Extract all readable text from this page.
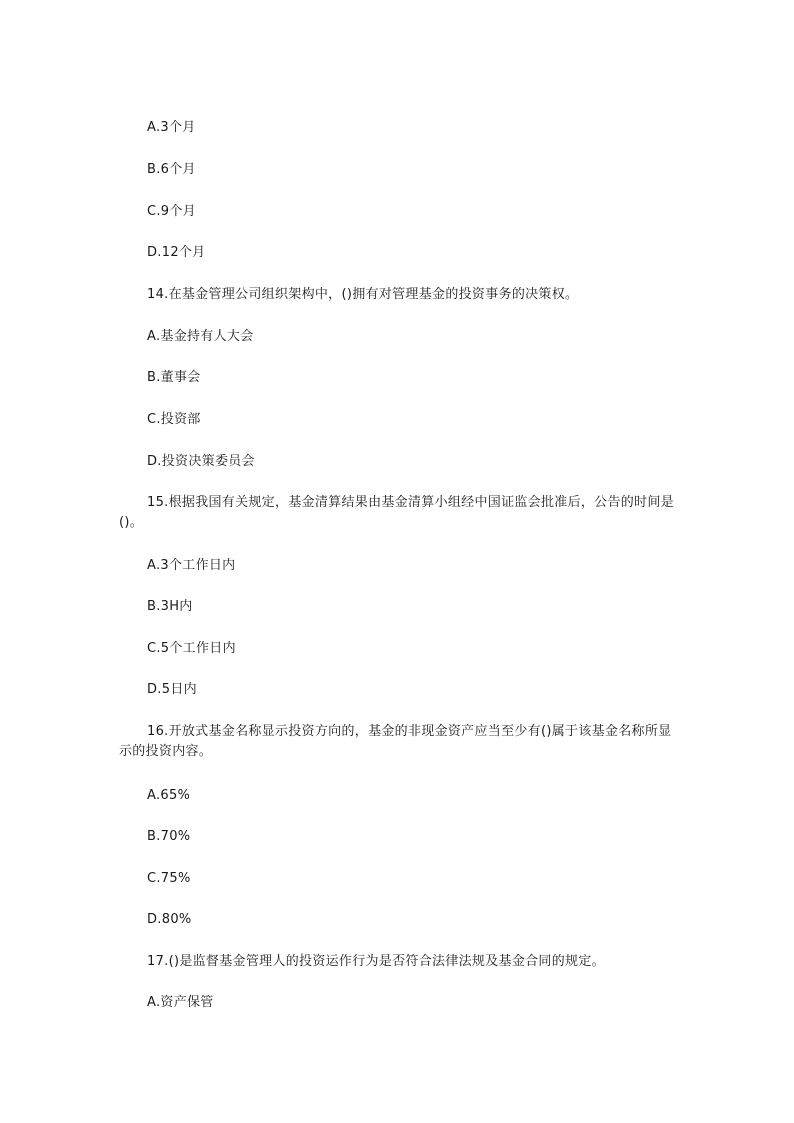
A.3个月
B.6个月
C.9个月
D.12个月
14.在基金管理公司组织架构中，()拥有对管理基金的投资事务的决策权。
A.基金持有人大会
B.董事会
C.投资部
D.投资决策委员会
15.根据我国有关规定，基金清算结果由基金清算小组经中国证监会批准后，公告的时间是()。
A.3个工作日内
B.3H内
C.5个工作日内
D.5日内
16.开放式基金名称显示投资方向的，基金的非现金资产应当至少有()属于该基金名称所显示的投资内容。
A.65%
B.70%
C.75%
D.80%
17.()是监督基金管理人的投资运作行为是否符合法律法规及基金合同的规定。
A.资产保管
